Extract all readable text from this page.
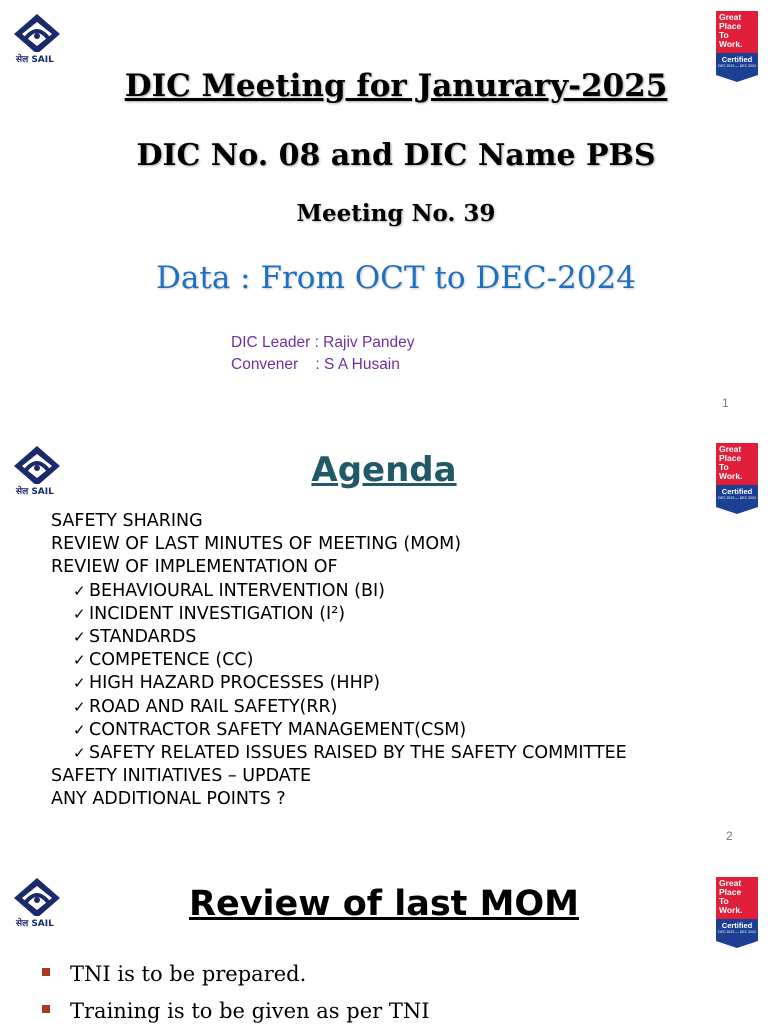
सेल SAIL
Great
Place
To
Work.
Certified
DEC 2023 — DEC 2024
DIC Meeting for Janurary-2025
DIC No. 08 and DIC Name PBS
Meeting No. 39
Data : From OCT to DEC-2024
DIC Leader : Rajiv Pandey
Convener    : S A Husain
1
सेल SAIL
Great
Place
To
Work.
Certified
DEC 2023 — DEC 2024
Agenda
SAFETY SHARING
REVIEW OF LAST MINUTES OF MEETING (MOM)
REVIEW OF IMPLEMENTATION OF
✓ BEHAVIOURAL INTERVENTION (BI)
✓ INCIDENT INVESTIGATION (I²)
✓ STANDARDS
✓ COMPETENCE (CC)
✓ HIGH HAZARD PROCESSES (HHP)
✓ ROAD AND RAIL SAFETY(RR)
✓ CONTRACTOR SAFETY MANAGEMENT(CSM)
✓ SAFETY RELATED ISSUES RAISED BY THE SAFETY COMMITTEE
SAFETY INITIATIVES – UPDATE
ANY ADDITIONAL POINTS ?
2
सेल SAIL
Great
Place
To
Work.
Certified
DEC 2023 — DEC 2024
Review of last MOM
TNI is to be prepared.
Training is to be given as per TNI
